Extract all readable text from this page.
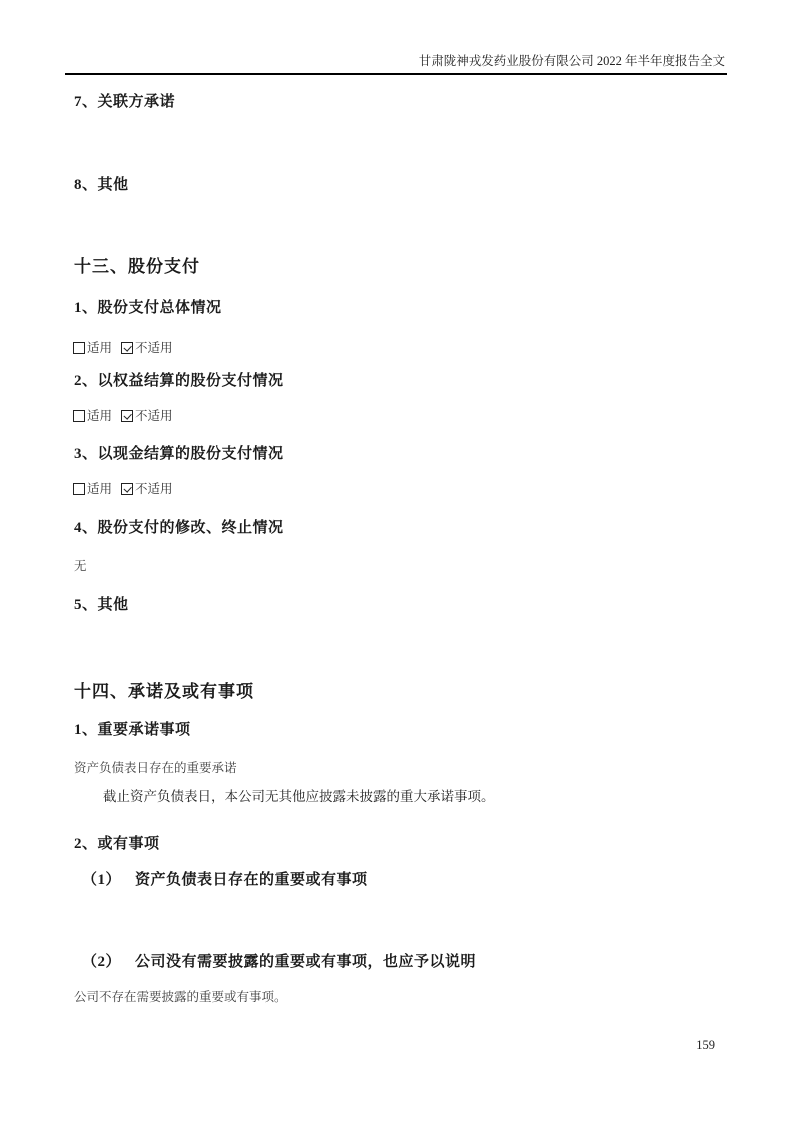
甘肃陇神戎发药业股份有限公司 2022 年半年度报告全文
7、关联方承诺
8、其他
十三、股份支付
1、股份支付总体情况
适用 不适用
2、以权益结算的股份支付情况
适用 不适用
3、以现金结算的股份支付情况
适用 不适用
4、股份支付的修改、终止情况
无
5、其他
十四、承诺及或有事项
1、重要承诺事项
资产负债表日存在的重要承诺
截止资产负债表日，本公司无其他应披露未披露的重大承诺事项。
2、或有事项
（1） 资产负债表日存在的重要或有事项
（2） 公司没有需要披露的重要或有事项，也应予以说明
公司不存在需要披露的重要或有事项。
159
